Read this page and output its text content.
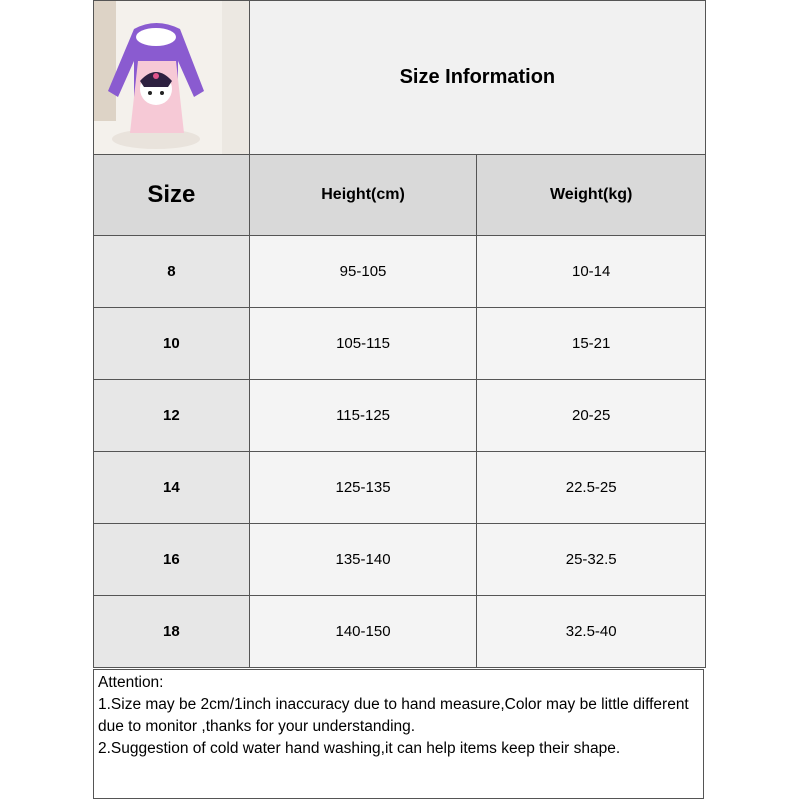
	Size Information	
Size	Height(cm)	Weight(kg)
8	95-105	10-14
10	105-115	15-21
12	115-125	20-25
14	125-135	22.5-25
16	135-140	25-32.5
18	140-150	32.5-40
Attention:
1.Size may be 2cm/1inch inaccuracy due to hand measure,Color may be little different due to monitor ,thanks for your understanding.
2.Suggestion of cold water hand washing,it can help items keep their shape.
